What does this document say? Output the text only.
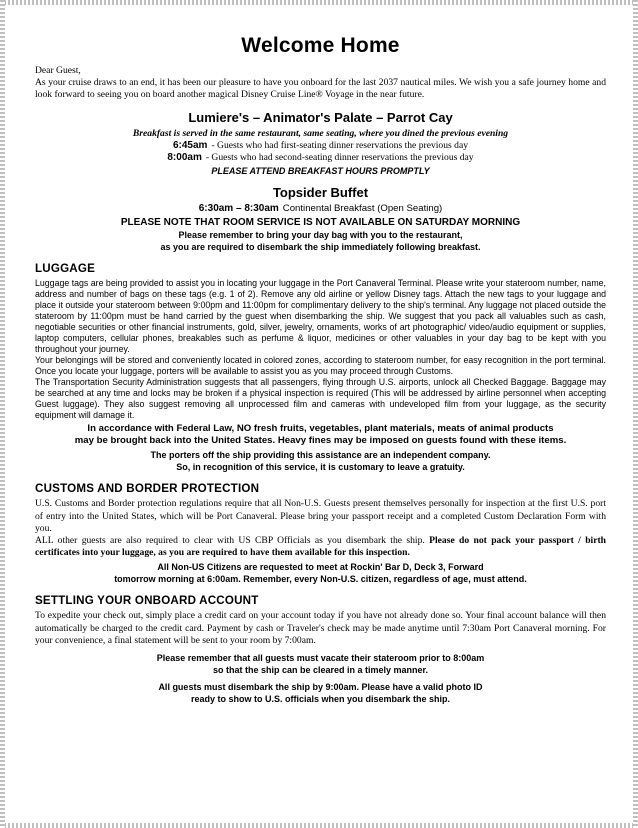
Welcome Home

Dear Guest,

As your cruise draws to an end, it has been our pleasure to have you onboard for the last 2037 nautical miles. We wish you a safe journey home and look forward to seeing you on board another magical Disney Cruise Line® Voyage in the near future.

Lumiere's – Animator's Palate – Parrot Cay

Breakfast is served in the same restaurant, same seating, where you dined the previous evening

6:45am - Guests who had first-seating dinner reservations the previous day
8:00am - Guests who had second-seating dinner reservations the previous day

PLEASE ATTEND BREAKFAST HOURS PROMPTLY

Topsider Buffet
6:30am – 8:30am Continental Breakfast (Open Seating)

PLEASE NOTE THAT ROOM SERVICE IS NOT AVAILABLE ON SATURDAY MORNING

Please remember to bring your day bag with you to the restaurant,

as you are required to disembark the ship immediately following breakfast.

LUGGAGE

Luggage tags are being provided to assist you in locating your luggage in the Port Canaveral Terminal. Please write your stateroom number, name, address and number of bags on these tags (e.g. 1 of 2). Remove any old airline or yellow Disney tags. Attach the new tags to your luggage and place it outside your stateroom between 9:00pm and 11:00pm for complimentary delivery to the ship's terminal. Any luggage not placed outside the stateroom by 11:00pm must be hand carried by the guest when disembarking the ship. We suggest that you pack all valuables such as cash, negotiable securities or other financial instruments, gold, silver, jewelry, ornaments, works of art photographic/ video/audio equipment or supplies, laptop computers, cellular phones, breakables such as perfume & liquor, medicines or other valuables in your day bag to be kept with you throughout your journey.

Your belongings will be stored and conveniently located in colored zones, according to stateroom number, for easy recognition in the port terminal. Once you locate your luggage, porters will be available to assist you as you may proceed through Customs.

The Transportation Security Administration suggests that all passengers, flying through U.S. airports, unlock all Checked Baggage. Baggage may be searched at any time and locks may be broken if a physical inspection is required (This will be addressed by airline personnel when accepting Guest luggage). They also suggest removing all unprocessed film and cameras with undeveloped film from your luggage, as the security equipment will damage it.

In accordance with Federal Law, NO fresh fruits, vegetables, plant materials, meats of animal products

may be brought back into the United States. Heavy fines may be imposed on guests found with these items.

The porters off the ship providing this assistance are an independent company.

So, in recognition of this service, it is customary to leave a gratuity.

CUSTOMS AND BORDER PROTECTION

U.S. Customs and Border protection regulations require that all Non-U.S. Guests present themselves personally for inspection at the first U.S. port of entry into the United States, which will be Port Canaveral. Please bring your passport receipt and a completed Custom Declaration Form with you.

ALL other guests are also required to clear with US CBP Officials as you disembark the ship. Please do not pack your passport / birth certificates into your luggage, as you are required to have them available for this inspection.

All Non-US Citizens are requested to meet at Rockin' Bar D, Deck 3, Forward

tomorrow morning at 6:00am. Remember, every Non-U.S. citizen, regardless of age, must attend.

SETTLING YOUR ONBOARD ACCOUNT

To expedite your check out, simply place a credit card on your account today if you have not already done so. Your final account balance will then automatically be charged to the credit card. Payment by cash or Traveler's check may be made anytime until 7:30am Port Canaveral morning. For your convenience, a final statement will be sent to your room by 7:00am.

Please remember that all guests must vacate their stateroom prior to 8:00am

so that the ship can be cleared in a timely manner.

All guests must disembark the ship by 9:00am. Please have a valid photo ID

ready to show to U.S. officials when you disembark the ship.
